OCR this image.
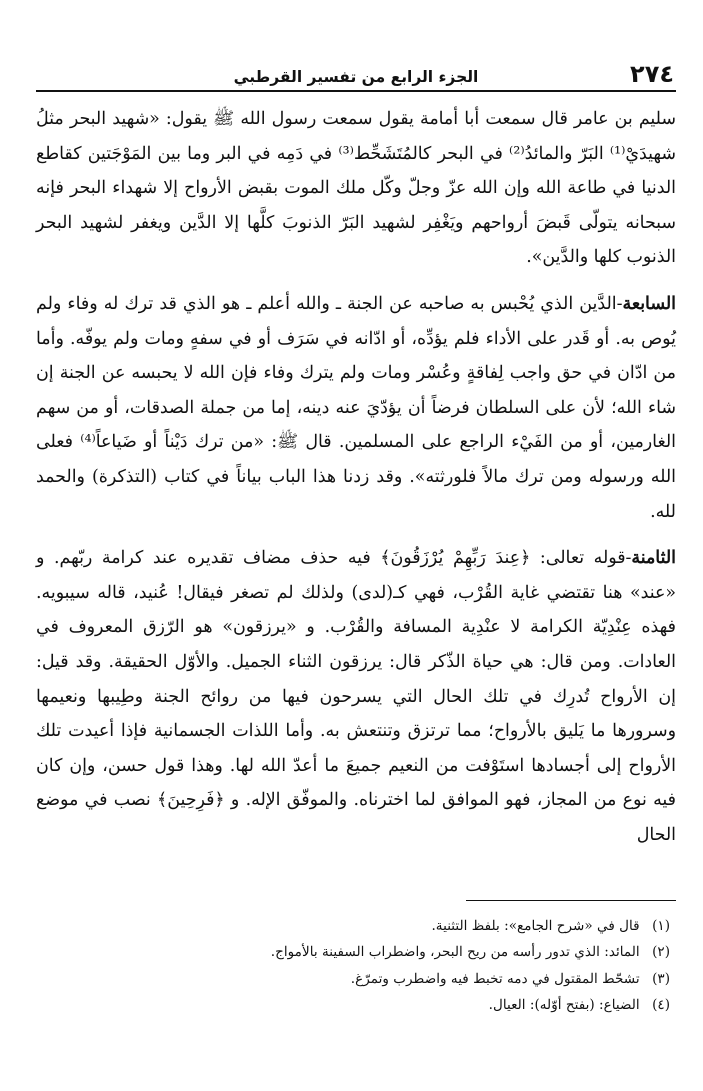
٢٧٤
الجزء الرابع من تفسير القرطبي

سليم بن عامر قال سمعت أبا أمامة يقول سمعت رسول الله ﷺ يقول: «شهيد البحر مثلُ شهيدَيْ⁽¹⁾ البَرّ والمائدُ⁽²⁾ في البحر كالمُتَشَحِّط⁽³⁾ في دَمِه في البر وما بين المَوْجَتين كقاطع الدنيا في طاعة الله وإن الله عزّ وجلّ وكّل ملك الموت بقبض الأرواح إلا شهداء البحر فإنه سبحانه يتولّى قَبضَ أرواحهم ويَغْفِر لشهيد البَرّ الذنوبَ كلَّها إلا الدَّين ويغفر لشهيد البحر الذنوب كلها والدَّين».

السابعة-الدَّين الذي يُحْبس به صاحبه عن الجنة ـ والله أعلم ـ هو الذي قد ترك له وفاء ولم يُوص به. أو قَدر على الأداء فلم يؤدِّه، أو ادّانه في سَرَف أو في سفهٍ ومات ولم يوفّه. وأما من ادّان في حق واجب لِفاقةٍ وعُسْر ومات ولم يترك وفاء فإن الله لا يحبسه عن الجنة إن شاء الله؛ لأن على السلطان فرضاً أن يؤدّيَ عنه دينه، إما من جملة الصدقات، أو من سهم الغارمين، أو من الفَيْء الراجع على المسلمين. قال ﷺ: «من ترك دَيْناً أو ضَياعاً⁽⁴⁾ فعلى الله ورسوله ومن ترك مالاً فلورثته». وقد زدنا هذا الباب بياناً في كتاب (التذكرة) والحمد لله.

الثامنة-قوله تعالى: ﴿عِندَ رَبِّهِمْ يُرْزَقُونَ﴾ فيه حذف مضاف تقديره عند كرامة ربّهم. و «عند» هنا تقتضي غاية القُرْب، فهي كـ(لدى) ولذلك لم تصغر فيقال! عُنيد، قاله سيبويه. فهذه عِنْدِيّة الكرامة لا عنْدِية المسافة والقُرْب. و «يرزقون» هو الرّزق المعروف في العادات. ومن قال: هي حياة الذّكر قال: يرزقون الثناء الجميل. والأوّل الحقيقة. وقد قيل: إن الأرواح تُدرِك في تلك الحال التي يسرحون فيها من روائح الجنة وطِيبها ونعيمها وسرورها ما يَليق بالأرواح؛ مما ترتزق وتنتعش به. وأما اللذات الجسمانية فإذا أعيدت تلك الأرواح إلى أجسادها استَوْفت من النعيم جميعَ ما أعدّ الله لها. وهذا قول حسن، وإن كان فيه نوع من المجاز، فهو الموافق لما اخترناه. والموفّق الإله. و ﴿فَرِحِينَ﴾ نصب في موضع الحال

(١) قال في «شرح الجامع»: بلفظ التثنية.

(٢) المائد: الذي تدور رأسه من ريح البحر، واضطراب السفينة بالأمواج.

(٣) تشحّط المقتول في دمه تخبط فيه واضطرب وتمرّغ.

(٤) الضياع: (بفتح أوّله): العيال.
